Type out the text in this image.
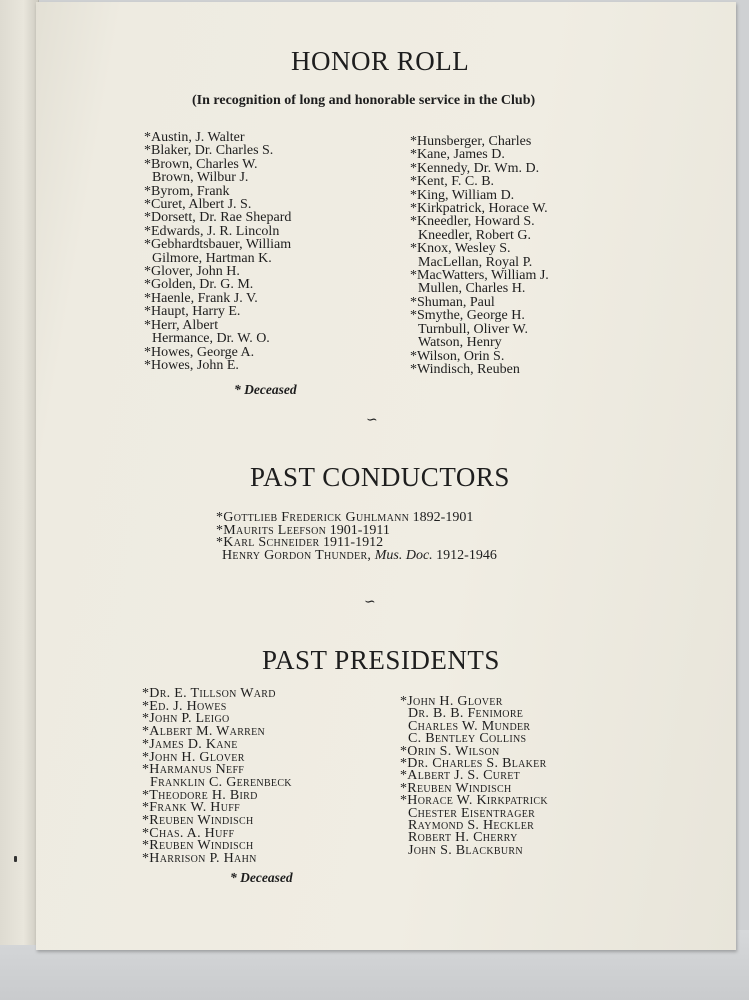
HONOR ROLL
(In recognition of long and honorable service in the Club)
*Austin, J. Walter
*Blaker, Dr. Charles S.
*Brown, Charles W.
Brown, Wilbur J.
*Byrom, Frank
*Curet, Albert J. S.
*Dorsett, Dr. Rae Shepard
*Edwards, J. R. Lincoln
*Gebhardtsbauer, William
Gilmore, Hartman K.
*Glover, John H.
*Golden, Dr. G. M.
*Haenle, Frank J. V.
*Haupt, Harry E.
*Herr, Albert
Hermance, Dr. W. O.
*Howes, George A.
*Howes, John E.
*Hunsberger, Charles
*Kane, James D.
*Kennedy, Dr. Wm. D.
*Kent, F. C. B.
*King, William D.
*Kirkpatrick, Horace W.
*Kneedler, Howard S.
Kneedler, Robert G.
*Knox, Wesley S.
MacLellan, Royal P.
*MacWatters, William J.
Mullen, Charles H.
*Shuman, Paul
*Smythe, George H.
Turnbull, Oliver W.
Watson, Henry
*Wilson, Orin S.
*Windisch, Reuben
* Deceased
∽
PAST CONDUCTORS
*Gottlieb Frederick Guhlmann 1892-1901
*Maurits Leefson 1901-1911
*Karl Schneider 1911-1912
Henry Gordon Thunder, Mus. Doc. 1912-1946
∽
PAST PRESIDENTS
*Dr. E. Tillson Ward
*Ed. J. Howes
*John P. Leigo
*Albert M. Warren
*James D. Kane
*John H. Glover
*Harmanus Neff
Franklin C. Gerenbeck
*Theodore H. Bird
*Frank W. Huff
*Reuben Windisch
*Chas. A. Huff
*Reuben Windisch
*Harrison P. Hahn
*John H. Glover
Dr. B. B. Fenimore
Charles W. Munder
C. Bentley Collins
*Orin S. Wilson
*Dr. Charles S. Blaker
*Albert J. S. Curet
*Reuben Windisch
*Horace W. Kirkpatrick
Chester Eisentrager
Raymond S. Heckler
Robert H. Cherry
John S. Blackburn
* Deceased
